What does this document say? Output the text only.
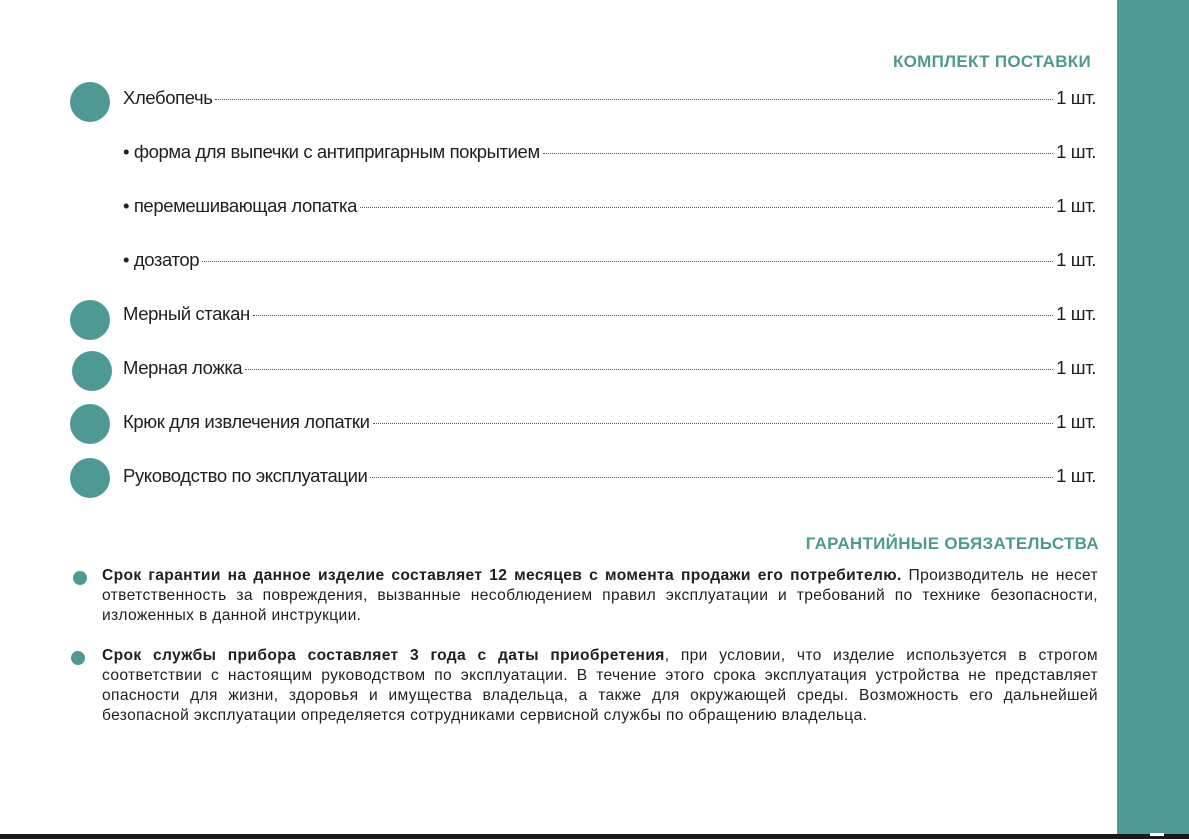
КОМПЛЕКТ ПОСТАВКИ
Хлебопечь	1 шт.
• форма для выпечки с антипригарным покрытием	1 шт.
• перемешивающая лопатка	1 шт.
• дозатор	1 шт.
Мерный стакан	1 шт.
Мерная ложка	1 шт.
Крюк для извлечения лопатки	1 шт.
Руководство по эксплуатации	1 шт.
ГАРАНТИЙНЫЕ ОБЯЗАТЕЛЬСТВА
Срок гарантии на данное изделие составляет 12 месяцев с момента продажи его потребителю. Производитель не несет ответственность за повреждения, вызванные несоблюдением правил эксплуатации и требований по технике безопасности, изложенных в данной инструкции.
Срок службы прибора составляет 3 года с даты приобретения, при условии, что изделие используется в строгом соответствии с настоящим руководством по эксплуатации. В течение этого срока эксплуатация устройства не представляет опасности для жизни, здоровья и имущества владельца, а также для окружающей среды. Возможность его дальнейшей безопасной эксплуатации определяется сотрудниками сервисной службы по обращению владельца.
